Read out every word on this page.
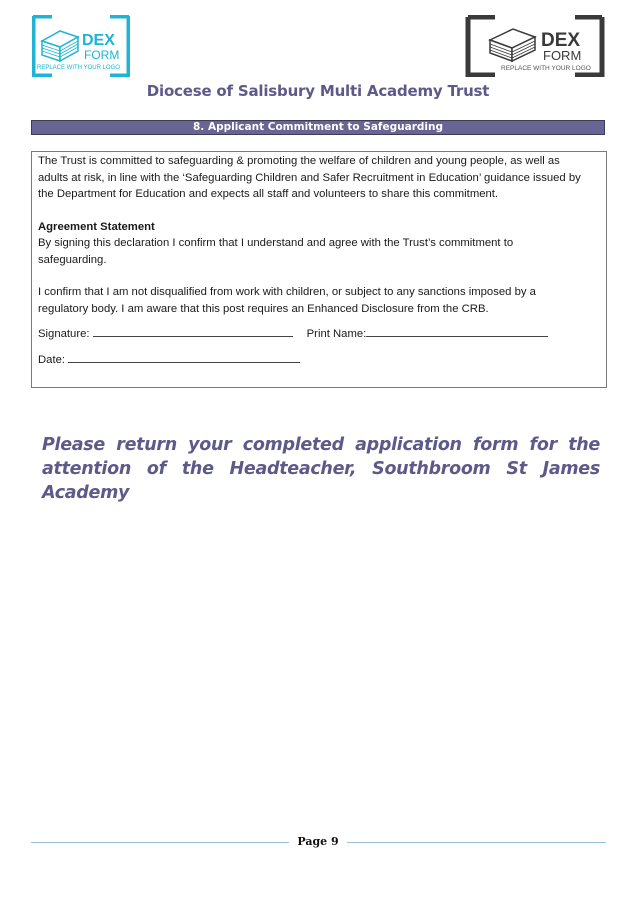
DEX
FORM
REPLACE WITH YOUR LOGO
DEX
FORM
REPLACE WITH YOUR LOGO
Diocese of Salisbury Multi Academy Trust
8. Applicant Commitment to Safeguarding

The Trust is committed to safeguarding & promoting the welfare of children and young people, as well as

adults at risk, in line with the ‘Safeguarding Children and Safer Recruitment in Education’ guidance issued by

the Department for Education and expects all staff and volunteers to share this commitment.

Agreement Statement

By signing this declaration I confirm that I understand and agree with the Trust’s commitment to

safeguarding.

I confirm that I am not disqualified from work with children, or subject to any sanctions imposed by a

regulatory body. I am aware that this post requires an Enhanced Disclosure from the CRB.

Signature:	Print Name:
Date:
Please return your completed application form for the attention of the Headteacher, Southbroom St James Academy
Page 9
